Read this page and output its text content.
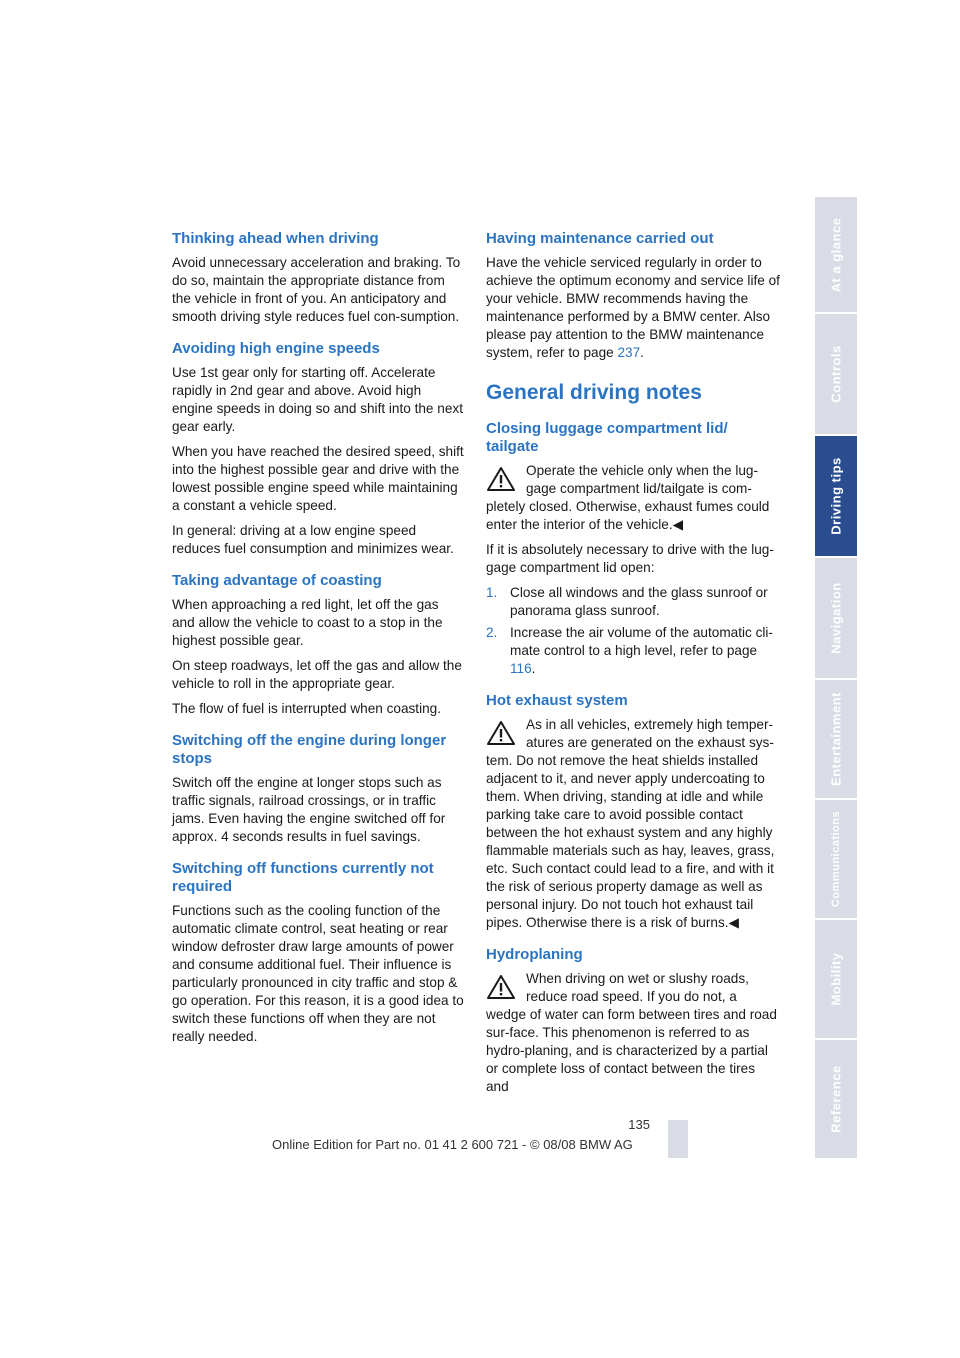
Thinking ahead when driving

Avoid unnecessary acceleration and braking. To do so, maintain the appropriate distance from the vehicle in front of you. An anticipatory and smooth driving style reduces fuel con-sumption.

Avoiding high engine speeds

Use 1st gear only for starting off. Accelerate rapidly in 2nd gear and above. Avoid high engine speeds in doing so and shift into the next gear early.

When you have reached the desired speed, shift into the highest possible gear and drive with the lowest possible engine speed while maintaining a constant a vehicle speed.

In general: driving at a low engine speed reduces fuel consumption and minimizes wear.

Taking advantage of coasting

When approaching a red light, let off the gas and allow the vehicle to coast to a stop in the highest possible gear.

On steep roadways, let off the gas and allow the vehicle to roll in the appropriate gear.

The flow of fuel is interrupted when coasting.

Switching off the engine during longer stops

Switch off the engine at longer stops such as traffic signals, railroad crossings, or in traffic jams. Even having the engine switched off for approx. 4 seconds results in fuel savings.

Switching off functions currently not required

Functions such as the cooling function of the automatic climate control, seat heating or rear window defroster draw large amounts of power and consume additional fuel. Their influence is particularly pronounced in city traffic and stop & go operation. For this reason, it is a good idea to switch these functions off when they are not really needed.

Having maintenance carried out

Have the vehicle serviced regularly in order to achieve the optimum economy and service life of your vehicle. BMW recommends having the maintenance performed by a BMW center. Also please pay attention to the BMW maintenance system, refer to page 237.

General driving notes
Closing luggage compartment lid/ tailgate
Operate the vehicle only when the lug-gage compartment lid/tailgate is com-pletely closed. Otherwise, exhaust fumes could enter the interior of the vehicle.◀

If it is absolutely necessary to drive with the lug-gage compartment lid open:

1. Close all windows and the glass sunroof or panorama glass sunroof.
2. Increase the air volume of the automatic cli-mate control to a high level, refer to page 116.
Hot exhaust system
As in all vehicles, extremely high temper-atures are generated on the exhaust sys-tem. Do not remove the heat shields installed adjacent to it, and never apply undercoating to them. When driving, standing at idle and while parking take care to avoid possible contact between the hot exhaust system and any highly flammable materials such as hay, leaves, grass, etc. Such contact could lead to a fire, and with it the risk of serious property damage as well as personal injury. Do not touch hot exhaust tail pipes. Otherwise there is a risk of burns.◀
Hydroplaning
When driving on wet or slushy roads, reduce road speed. If you do not, a wedge of water can form between tires and road sur-face. This phenomenon is referred to as hydro-planing, and is characterized by a partial or complete loss of contact between the tires and
At a glance
Controls
Driving tips
Navigation
Entertainment
Communications
Mobility
Reference
135
Online Edition for Part no. 01 41 2 600 721 - © 08/08 BMW AG
